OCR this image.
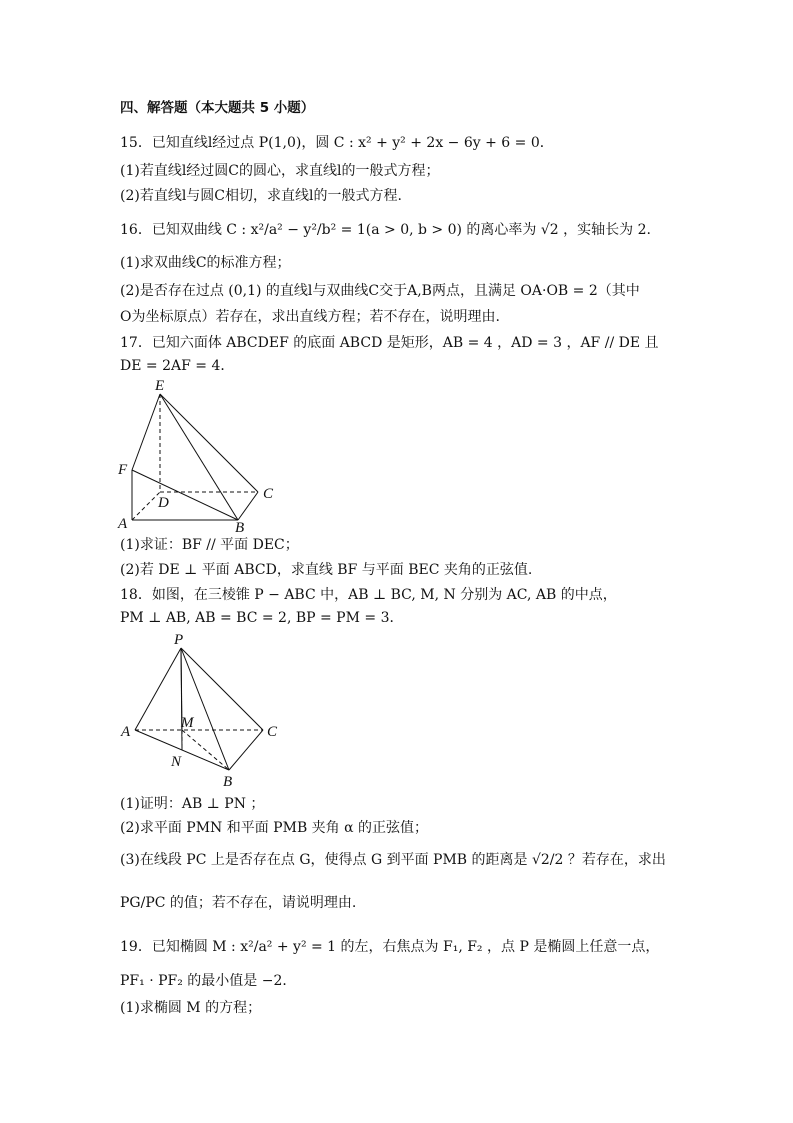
四、解答题（本大题共 5 小题）
15．已知直线l经过点 P(1,0)，圆 C : x² + y² + 2x − 6y + 6 = 0．
(1)若直线l经过圆C的圆心，求直线l的一般式方程；
(2)若直线l与圆C相切，求直线l的一般式方程.
16．已知双曲线 C : x²/a² − y²/b² = 1(a > 0, b > 0) 的离心率为 √2 ，实轴长为 2.
(1)求双曲线C的标准方程；
(2)是否存在过点 (0,1) 的直线l与双曲线C交于A,B两点，且满足 OA·OB = 2（其中
O为坐标原点）若存在，求出直线方程；若不存在，说明理由.
17．已知六面体 ABCDEF 的底面 ABCD 是矩形，AB = 4 ，AD = 3 ，AF // DE 且
DE = 2AF = 4．
E
F
D
C
A	B
(1)求证：BF // 平面 DEC；
(2)若 DE ⊥ 平面 ABCD，求直线 BF 与平面 BEC 夹角的正弦值.
18．如图，在三棱锥 P − ABC 中，AB ⊥ BC, M, N 分别为 AC, AB 的中点，
PM ⊥ AB, AB = BC = 2, BP = PM = 3．
P
A
M
C
N
B
(1)证明：AB ⊥ PN ；
(2)求平面 PMN 和平面 PMB 夹角 α 的正弦值；
(3)在线段 PC 上是否存在点 G，使得点 G 到平面 PMB 的距离是 √2/2 ？若存在，求出
PG/PC 的值；若不存在，请说明理由.
19．已知椭圆 M : x²/a² + y² = 1 的左，右焦点为 F₁, F₂ ，点 P 是椭圆上任意一点，
PF₁ · PF₂ 的最小值是 −2．
(1)求椭圆 M 的方程；
